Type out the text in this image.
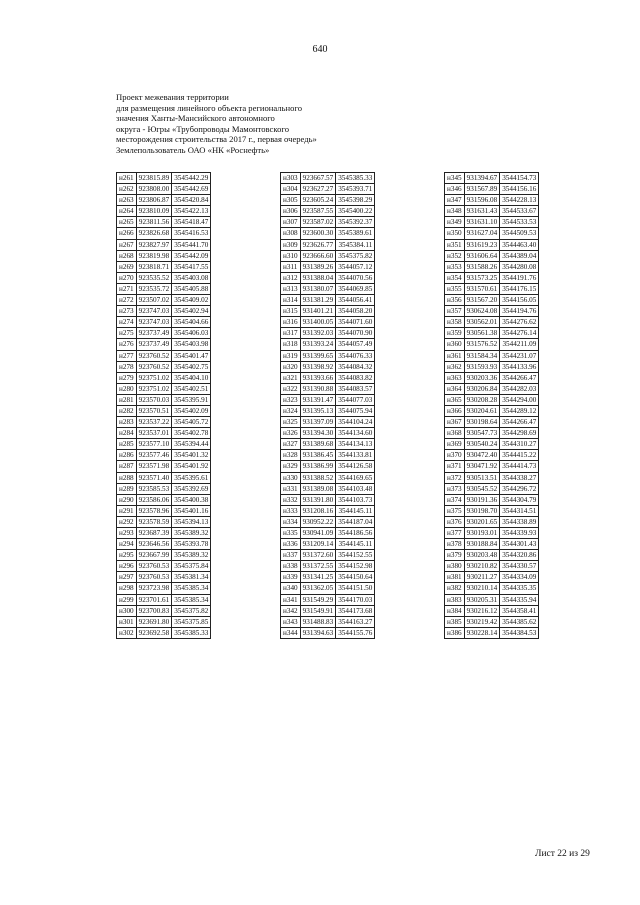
640
Проект межевания территории
для размещения линейного объекта регионального
значения Ханты-Мансийского автономного
округа - Югры «Трубопроводы Мамонтовского
месторождения строительства 2017 г., первая очередь»
Землепользователь ОАО «НК «Роснефть»
н261	923815.89	3545442.29
н262	923808.00	3545442.69
н263	923806.87	3545420.84
н264	923810.09	3545422.13
н265	923811.56	3545418.47
н266	923826.68	3545416.53
н267	923827.97	3545441.70
н268	923819.98	3545442.09
н269	923818.71	3545417.55
н270	923535.52	3545403.08
н271	923535.72	3545405.88
н272	923507.02	3545409.02
н273	923747.03	3545402.94
н274	923747.03	3545404.66
н275	923737.49	3545406.03
н276	923737.49	3545403.98
н277	923760.52	3545401.47
н278	923760.52	3545402.75
н279	923751.02	3545404.10
н280	923751.02	3545402.51
н281	923570.03	3545395.91
н282	923570.51	3545402.09
н283	923537.22	3545405.72
н284	923537.01	3545402.78
н285	923577.10	3545394.44
н286	923577.46	3545401.32
н287	923571.98	3545401.92
н288	923571.40	3545395.61
н289	923585.53	3545392.69
н290	923586.06	3545400.38
н291	923578.96	3545401.16
н292	923578.59	3545394.13
н293	923687.39	3545389.32
н294	923646.56	3545393.78
н295	923667.99	3545389.32
н296	923760.53	3545375.84
н297	923760.53	3545381.34
н298	923723.98	3545385.34
н299	923701.61	3545385.34
н300	923700.83	3545375.82
н301	923691.80	3545375.85
н302	923692.58	3545385.33
н303	923667.57	3545385.33
н304	923627.27	3545393.71
н305	923605.24	3545398.29
н306	923587.55	3545400.22
н307	923587.02	3545392.37
н308	923600.30	3545389.61
н309	923626.77	3545384.11
н310	923666.60	3545375.82
н311	931389.26	3544057.12
н312	931388.04	3544070.56
н313	931380.07	3544069.85
н314	931381.29	3544056.41
н315	931401.21	3544058.20
н316	931400.05	3544071.60
н317	931392.03	3544070.90
н318	931393.24	3544057.49
н319	931399.65	3544076.33
н320	931398.92	3544084.32
н321	931393.66	3544083.82
н322	931390.88	3544083.57
н323	931391.47	3544077.03
н324	931395.13	3544075.94
н325	931397.09	3544104.24
н326	931394.30	3544134.60
н327	931389.68	3544134.13
н328	931386.45	3544133.81
н329	931386.99	3544126.58
н330	931388.52	3544169.65
н331	931389.08	3544103.48
н332	931391.80	3544103.73
н333	931208.16	3544145.11
н334	930952.22	3544187.04
н335	930941.09	3544186.56
н336	931209.14	3544145.11
н337	931372.60	3544152.55
н338	931372.55	3544152.98
н339	931341.25	3544150.64
н340	931362.05	3544151.50
н341	931549.29	3544170.03
н342	931549.91	3544173.68
н343	931488.83	3544163.27
н344	931394.63	3544155.76
н345	931394.67	3544154.73
н346	931567.89	3544156.16
н347	931596.08	3544228.13
н348	931631.43	3544533.67
н349	931631.10	3544533.53
н350	931627.04	3544509.53
н351	931619.23	3544463.40
н352	931606.64	3544389.04
н353	931588.26	3544280.08
н354	931573.25	3544191.76
н355	931570.61	3544176.15
н356	931567.20	3544156.05
н357	930624.08	3544194.76
н358	930562.01	3544276.62
н359	930561.38	3544276.14
н360	931576.52	3544211.09
н361	931584.34	3544231.07
н362	931593.93	3544133.96
н363	930203.36	3544266.47
н364	930206.84	3544282.03
н365	930208.28	3544294.00
н366	930204.61	3544289.12
н367	930198.64	3544266.47
н368	930547.73	3544298.69
н369	930540.24	3544310.27
н370	930472.40	3544415.22
н371	930471.92	3544414.73
н372	930513.51	3544338.27
н373	930545.52	3544296.72
н374	930191.36	3544304.79
н375	930198.70	3544314.51
н376	930201.65	3544338.89
н377	930193.01	3544339.93
н378	930188.84	3544301.43
н379	930203.48	3544320.86
н380	930210.82	3544330.57
н381	930211.27	3544334.09
н382	930210.14	3544335.35
н383	930205.31	3544335.94
н384	930216.12	3544358.41
н385	930219.42	3544385.62
н386	930228.14	3544384.53
Лист 22 из 29
